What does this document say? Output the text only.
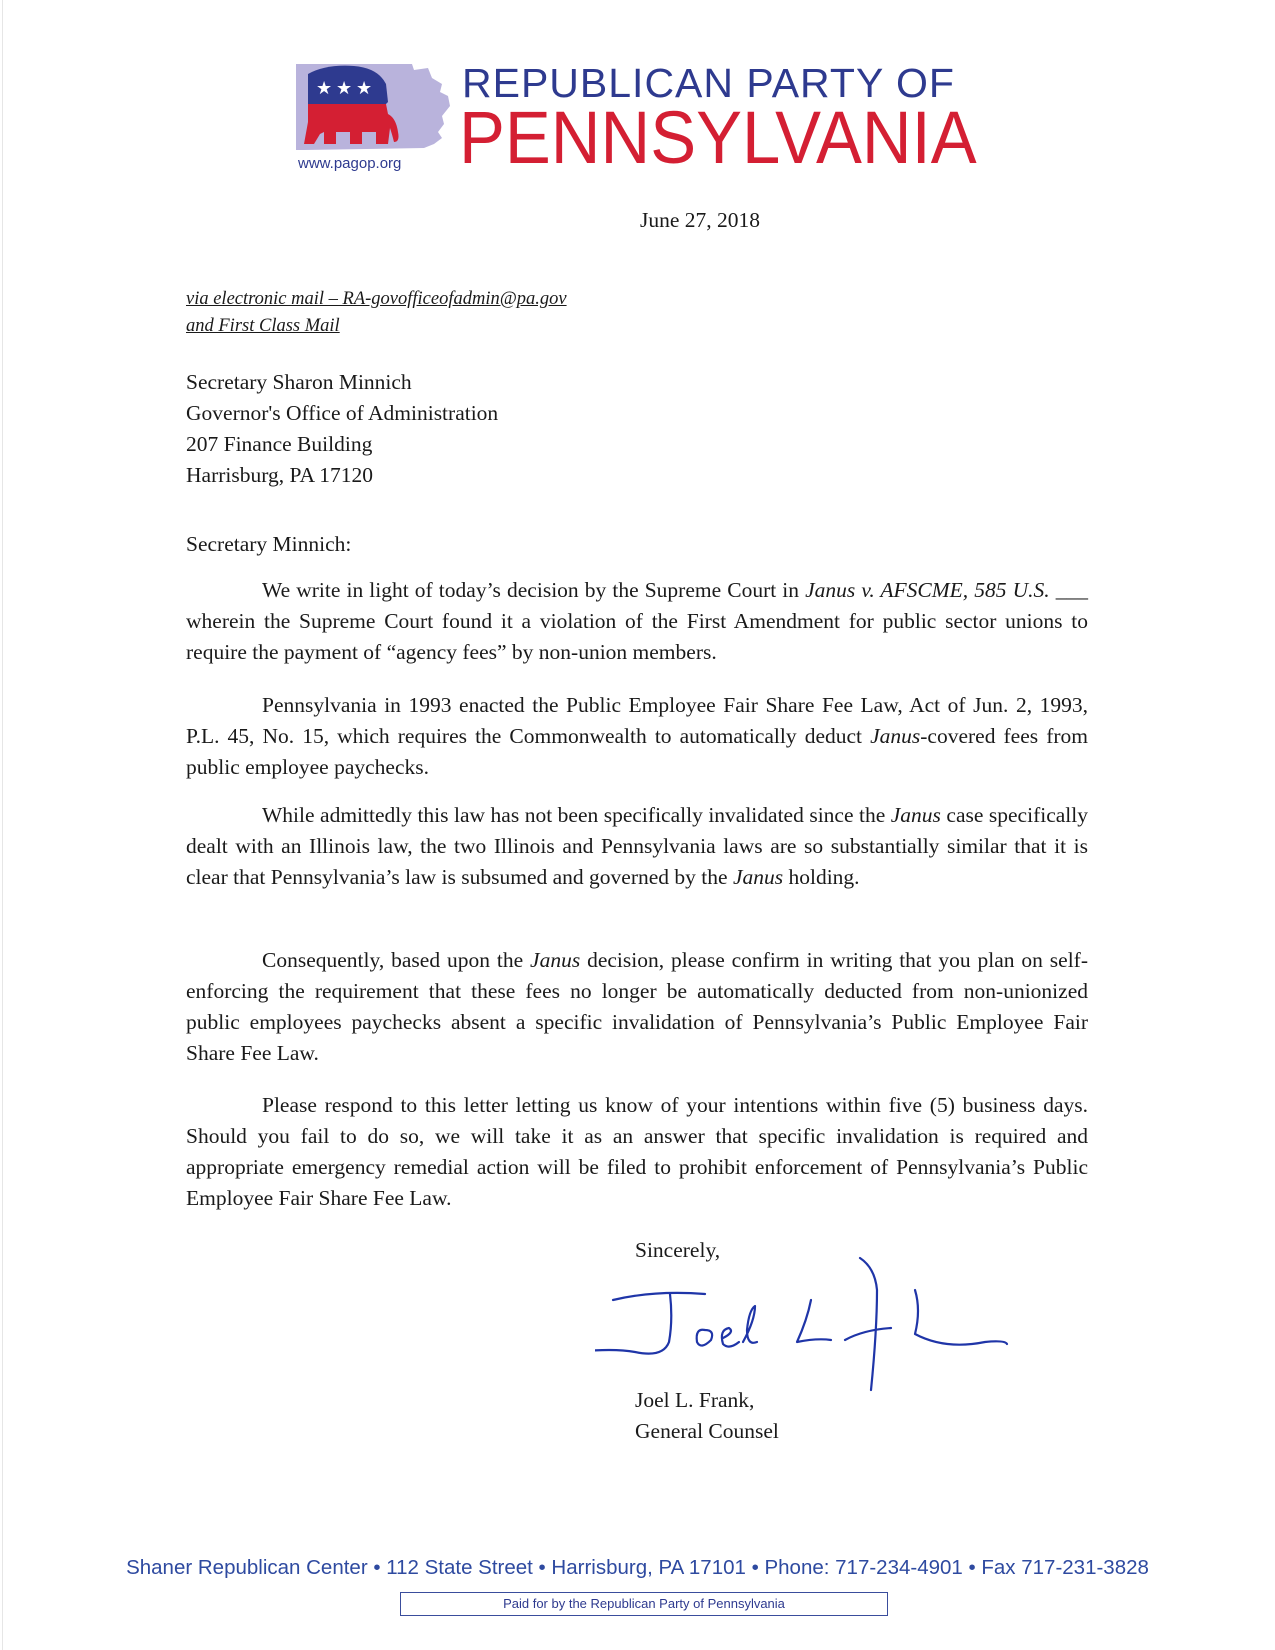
★ ★ ★ REPUBLICAN PARTY OF
PENNSYLVANIA
www.pagop.org
June 27, 2018
via electronic mail – RA-govofficeofadmin@pa.gov
and First Class Mail
Secretary Sharon Minnich
Governor's Office of Administration
207 Finance Building
Harrisburg, PA 17120
Secretary Minnich:
We write in light of today’s decision by the Supreme Court in Janus v. AFSCME, 585 U.S. ___ wherein the Supreme Court found it a violation of the First Amendment for public sector unions to require the payment of “agency fees” by non-union members.
Pennsylvania in 1993 enacted the Public Employee Fair Share Fee Law, Act of Jun. 2, 1993, P.L. 45, No. 15, which requires the Commonwealth to automatically deduct Janus-covered fees from public employee paychecks.
While admittedly this law has not been specifically invalidated since the Janus case specifically dealt with an Illinois law, the two Illinois and Pennsylvania laws are so substantially similar that it is clear that Pennsylvania’s law is subsumed and governed by the Janus holding.
Consequently, based upon the Janus decision, please confirm in writing that you plan on self-enforcing the requirement that these fees no longer be automatically deducted from non-unionized public employees paychecks absent a specific invalidation of Pennsylvania’s Public Employee Fair Share Fee Law.
Please respond to this letter letting us know of your intentions within five (5) business days. Should you fail to do so, we will take it as an answer that specific invalidation is required and appropriate emergency remedial action will be filed to prohibit enforcement of Pennsylvania’s Public Employee Fair Share Fee Law.
Sincerely,
Joel L. Frank,
General Counsel
Shaner Republican Center • 112 State Street • Harrisburg, PA 17101 • Phone: 717-234-4901 • Fax 717-231-3828
Paid for by the Republican Party of Pennsylvania
